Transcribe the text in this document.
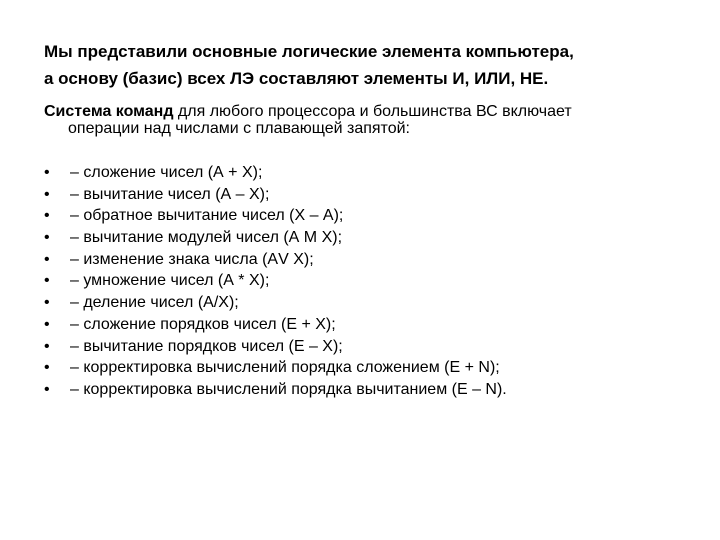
Мы представили основные логические элемента компьютера,
а основу (базис) всех ЛЭ составляют элементы И, ИЛИ, НЕ.
Система команд для любого процессора и большинства ВС включает
операции над числами с плавающей запятой:
• – сложение чисел (А + Х);
• – вычитание чисел (А – Х);
• – обратное вычитание чисел (Х – А);
• – вычитание модулей чисел (А М Х);
• – изменение знака числа (АV Х);
• – умножение чисел (А * Х);
• – деление чисел (А/Х);
• – сложение порядков чисел (Е + Х);
• – вычитание порядков чисел (Е – Х);
• – корректировка вычислений порядка сложением (Е + N);
• – корректировка вычислений порядка вычитанием (Е – N).
